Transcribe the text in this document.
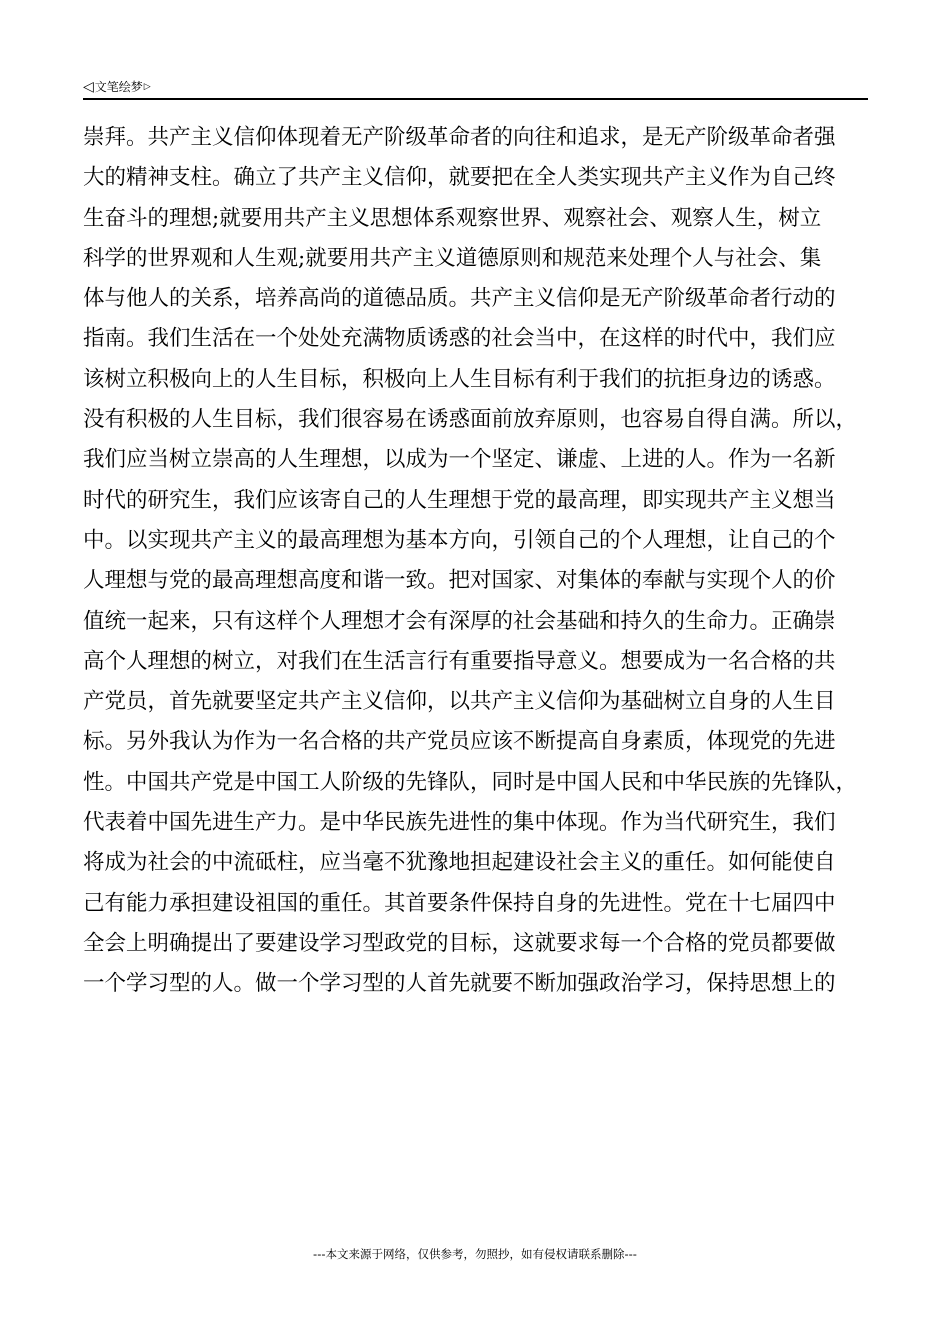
◁文笔绘梦▷
崇拜。共产主义信仰体现着无产阶级革命者的向往和追求，是无产阶级革命者强
大的精神支柱。确立了共产主义信仰，就要把在全人类实现共产主义作为自己终
生奋斗的理想;就要用共产主义思想体系观察世界、观察社会、观察人生，树立
科学的世界观和人生观;就要用共产主义道德原则和规范来处理个人与社会、集
体与他人的关系，培养高尚的道德品质。共产主义信仰是无产阶级革命者行动的
指南。我们生活在一个处处充满物质诱惑的社会当中，在这样的时代中，我们应
该树立积极向上的人生目标，积极向上人生目标有利于我们的抗拒身边的诱惑。
没有积极的人生目标，我们很容易在诱惑面前放弃原则，也容易自得自满。所以，
我们应当树立崇高的人生理想，以成为一个坚定、谦虚、上进的人。作为一名新
时代的研究生，我们应该寄自己的人生理想于党的最高理，即实现共产主义想当
中。以实现共产主义的最高理想为基本方向，引领自己的个人理想，让自己的个
人理想与党的最高理想高度和谐一致。把对国家、对集体的奉献与实现个人的价
值统一起来，只有这样个人理想才会有深厚的社会基础和持久的生命力。正确崇
高个人理想的树立，对我们在生活言行有重要指导意义。想要成为一名合格的共
产党员，首先就要坚定共产主义信仰，以共产主义信仰为基础树立自身的人生目
标。另外我认为作为一名合格的共产党员应该不断提高自身素质，体现党的先进
性。中国共产党是中国工人阶级的先锋队，同时是中国人民和中华民族的先锋队，
代表着中国先进生产力。是中华民族先进性的集中体现。作为当代研究生，我们
将成为社会的中流砥柱，应当毫不犹豫地担起建设社会主义的重任。如何能使自
己有能力承担建设祖国的重任。其首要条件保持自身的先进性。党在十七届四中
全会上明确提出了要建设学习型政党的目标，这就要求每一个合格的党员都要做
一个学习型的人。做一个学习型的人首先就要不断加强政治学习，保持思想上的
---本文来源于网络，仅供参考，勿照抄，如有侵权请联系删除---
